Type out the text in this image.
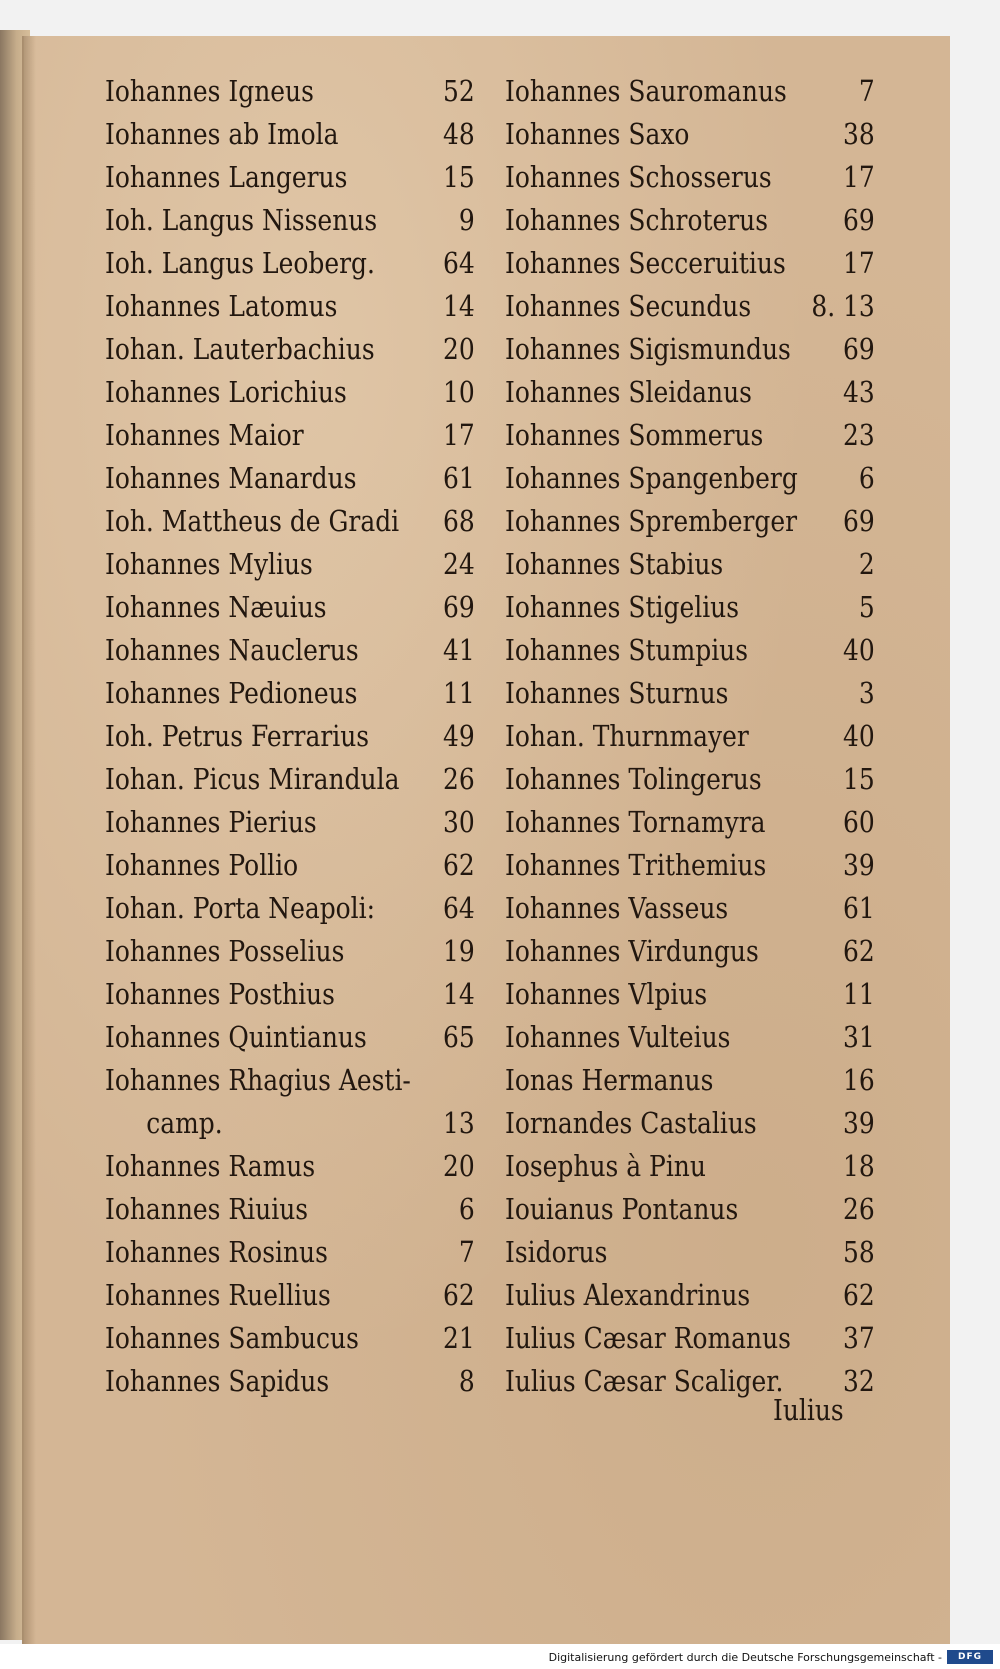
Iohannes Igneus	52
Iohannes ab Imola	48
Iohannes Langerus	15
Ioh. Langus Nissenus	9
Ioh. Langus Leoberg. 64
Iohannes Latomus	14
Iohan. Lauterbachius 20
Iohannes Lorichius	10
Iohannes Maior	17
Iohannes Manardus	61
Ioh. Mattheus de Gradi 68
Iohannes Mylius	24
Iohannes Næuius	69
Iohannes Nauclerus	41
Iohannes Pedioneus	11
Ioh. Petrus Ferrarius	49
Iohan. Picus Mirandula 26
Iohannes Pierius	30
Iohannes Pollio	62
Iohan. Porta Neapoli: 64
Iohannes Posselius	19
Iohannes Posthius	14
Iohannes Quintianus	65
Iohannes Rhagius Aesti-
camp.	13
Iohannes Ramus	20
Iohannes Riuius	6
Iohannes Rosinus	7
Iohannes Ruellius	62
Iohannes Sambucus	21
Iohannes Sapidus	8
Iohannes Sauromanus 7
Iohannes Saxo	38
Iohannes Schosserus 17
Iohannes Schroterus	69
Iohannes Secceruitius 17
Iohannes Secundus 8. 13
Iohannes Sigismundus 69
Iohannes Sleidanus	43
Iohannes Sommerus	23
Iohannes Spangenberg 6
Iohannes Spremberger 69
Iohannes Stabius	2
Iohannes Stigelius	5
Iohannes Stumpius	40
Iohannes Sturnus	3
Iohan. Thurnmayer	40
Iohannes Tolingerus	15
Iohannes Tornamyra	60
Iohannes Trithemius	39
Iohannes Vasseus	61
Iohannes Virdungus	62
Iohannes Vlpius	11
Iohannes Vulteius	31
Ionas Hermanus	16
Iornandes Castalius	39
Iosephus à Pinu	18
Iouianus Pontanus	26
Isidorus	58
Iulius Alexandrinus	62
Iulius Cæsar Romanus 37
Iulius Cæsar Scaliger. 32
Iulius
Digitalisierung gefördert durch die Deutsche Forschungsgemeinschaft -	DFG
